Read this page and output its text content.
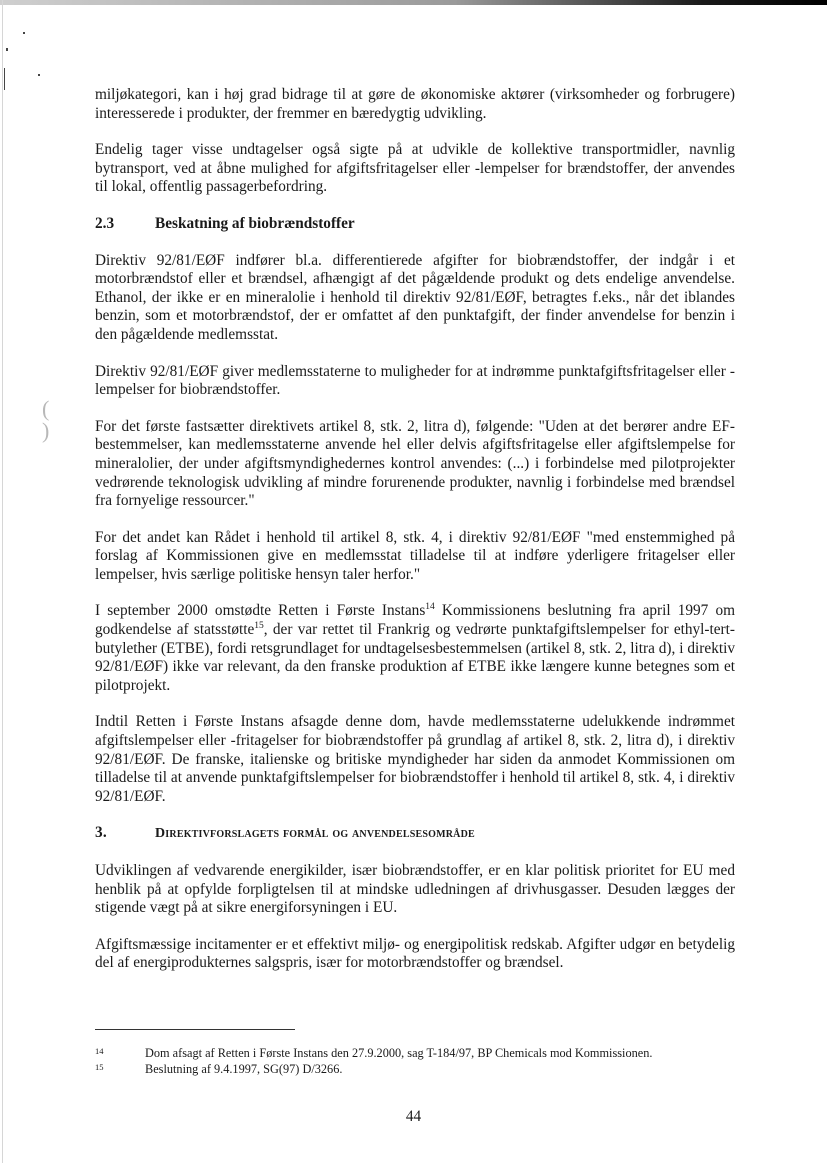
( )

miljøkategori, kan i høj grad bidrage til at gøre de økonomiske aktører (virksomheder og forbrugere) interesserede i produkter, der fremmer en bæredygtig udvikling.

Endelig tager visse undtagelser også sigte på at udvikle de kollektive transportmidler, navnlig bytransport, ved at åbne mulighed for afgiftsfritagelser eller -lempelser for brændstoffer, der anvendes til lokal, offentlig passagerbefordring.

2.3	Beskatning af biobrændstoffer

Direktiv 92/81/EØF indfører bl.a. differentierede afgifter for biobrændstoffer, der indgår i et motorbrændstof eller et brændsel, afhængigt af det pågældende produkt og dets endelige anvendelse. Ethanol, der ikke er en mineralolie i henhold til direktiv 92/81/EØF, betragtes f.eks., når det iblandes benzin, som et motorbrændstof, der er omfattet af den punktafgift, der finder anvendelse for benzin i den pågældende medlemsstat.

Direktiv 92/81/EØF giver medlemsstaterne to muligheder for at indrømme punktafgiftsfritagelser eller -lempelser for biobrændstoffer.

For det første fastsætter direktivets artikel 8, stk. 2, litra d), følgende: "Uden at det berører andre EF-bestemmelser, kan medlemsstaterne anvende hel eller delvis afgiftsfritagelse eller afgiftslempelse for mineralolier, der under afgiftsmyndighedernes kontrol anvendes: (...) i forbindelse med pilotprojekter vedrørende teknologisk udvikling af mindre forurenende produkter, navnlig i forbindelse med brændsel fra fornyelige ressourcer."

For det andet kan Rådet i henhold til artikel 8, stk. 4, i direktiv 92/81/EØF "med enstemmighed på forslag af Kommissionen give en medlemsstat tilladelse til at indføre yderligere fritagelser eller lempelser, hvis særlige politiske hensyn taler herfor."

I september 2000 omstødte Retten i Første Instans$^{14}$ Kommissionens beslutning fra april 1997 om godkendelse af statsstøtte$^{15}$, der var rettet til Frankrig og vedrørte punktafgiftslempelser for ethyl-tert-butylether (ETBE), fordi retsgrundlaget for undtagelsesbestemmelsen (artikel 8, stk. 2, litra d), i direktiv 92/81/EØF) ikke var relevant, da den franske produktion af ETBE ikke længere kunne betegnes som et pilotprojekt.

Indtil Retten i Første Instans afsagde denne dom, havde medlemsstaterne udelukkende indrømmet afgiftslempelser eller -fritagelser for biobrændstoffer på grundlag af artikel 8, stk. 2, litra d), i direktiv 92/81/EØF. De franske, italienske og britiske myndigheder har siden da anmodet Kommissionen om tilladelse til at anvende punktafgiftslempelser for biobrændstoffer i henhold til artikel 8, stk. 4, i direktiv 92/81/EØF.

3.	Direktivforslagets formål og anvendelsesområde

Udviklingen af vedvarende energikilder, især biobrændstoffer, er en klar politisk prioritet for EU med henblik på at opfylde forpligtelsen til at mindske udledningen af drivhusgasser. Desuden lægges der stigende vægt på at sikre energiforsyningen i EU.

Afgiftsmæssige incitamenter er et effektivt miljø- og energipolitisk redskab. Afgifter udgør en betydelig del af energiprodukternes salgspris, især for motorbrændstoffer og brændsel.

14	Dom afsagt af Retten i Første Instans den 27.9.2000, sag T-184/97, BP Chemicals mod Kommissionen.
15	Beslutning af 9.4.1997, SG(97) D/3266.
44
